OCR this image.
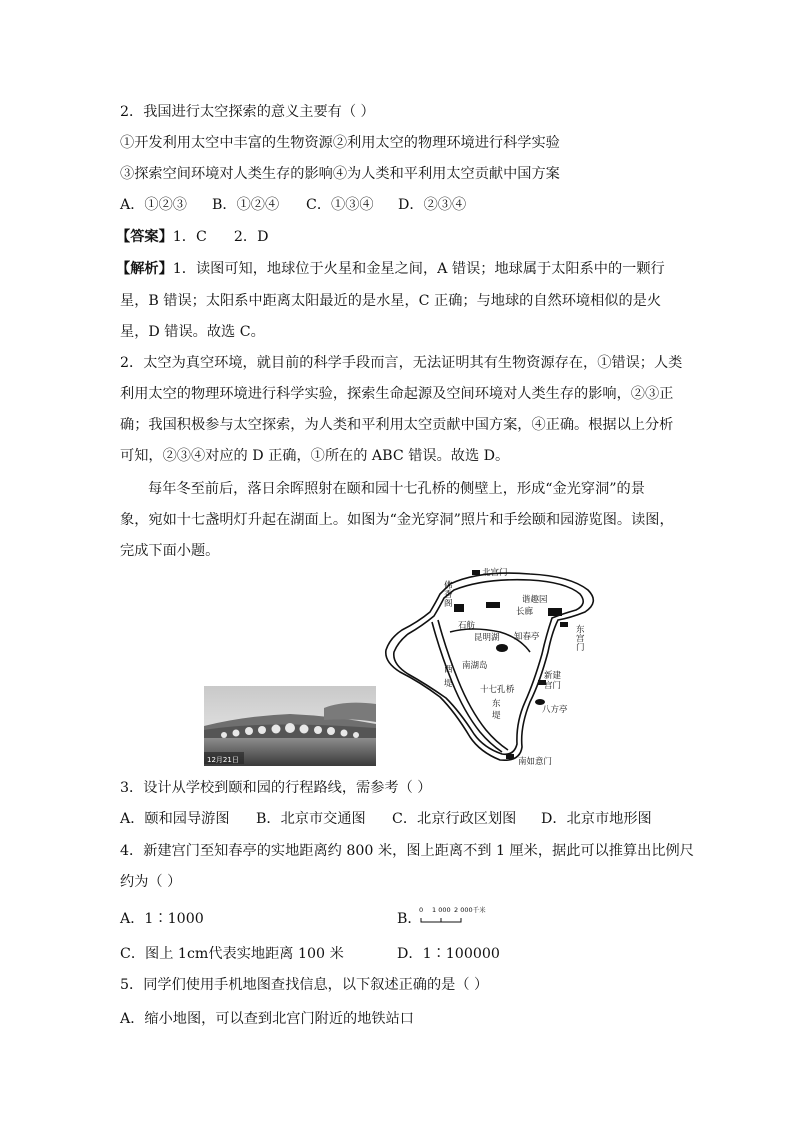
2．我国进行太空探索的意义主要有（ ）
①开发利用太空中丰富的生物资源②利用太空的物理环境进行科学实验
③探索空间环境对人类生存的影响④为人类和平利用太空贡献中国方案
A．①②③ B．①②④ C．①③④ D．②③④
【答案】1．C      2．D
【解析】1．读图可知，地球位于火星和金星之间，A 错误；地球属于太阳系中的一颗行
星，B 错误；太阳系中距离太阳最近的是水星，C 正确；与地球的自然环境相似的是火
星，D 错误。故选 C。
2．太空为真空环境，就目前的科学手段而言，无法证明其有生物资源存在，①错误；人类
利用太空的物理环境进行科学实验，探索生命起源及空间环境对人类生存的影响，②③正
确；我国积极参与太空探索，为人类和平利用太空贡献中国方案，④正确。根据以上分析
可知，②③④对应的 D 正确，①所在的 ABC 错误。故选 D。
每年冬至前后，落日余晖照射在颐和园十七孔桥的侧壁上，形成“金光穿洞”的景
象，宛如十七盏明灯升起在湖面上。如图为“金光穿洞”照片和手绘颐和园游览图。读图，
完成下面小题。
12月21日
北宫门
佛
香
阁	谐趣园
长廊
石舫
昆明湖 知春亭
东
宫
门
西
堤
南湖岛
新建
宫门
十七孔 桥
东
堤
八方亭
南如意门
3．设计从学校到颐和园的行程路线，需参考（ ）
A．颐和园导游图 B．北京市交通图 C．北京行政区划图 D．北京市地形图
4．新建宫门至知春亭的实地距离约 800 米，图上距离不到 1 厘米，据此可以推算出比例尺
约为（ ）
A．1∶1000	B．
0 1 000 2 000千米
C．图上 1cm代表实地距离 100 米	D．1∶100000
5．同学们使用手机地图查找信息，以下叙述正确的是（ ）
A．缩小地图，可以查到北宫门附近的地铁站口
